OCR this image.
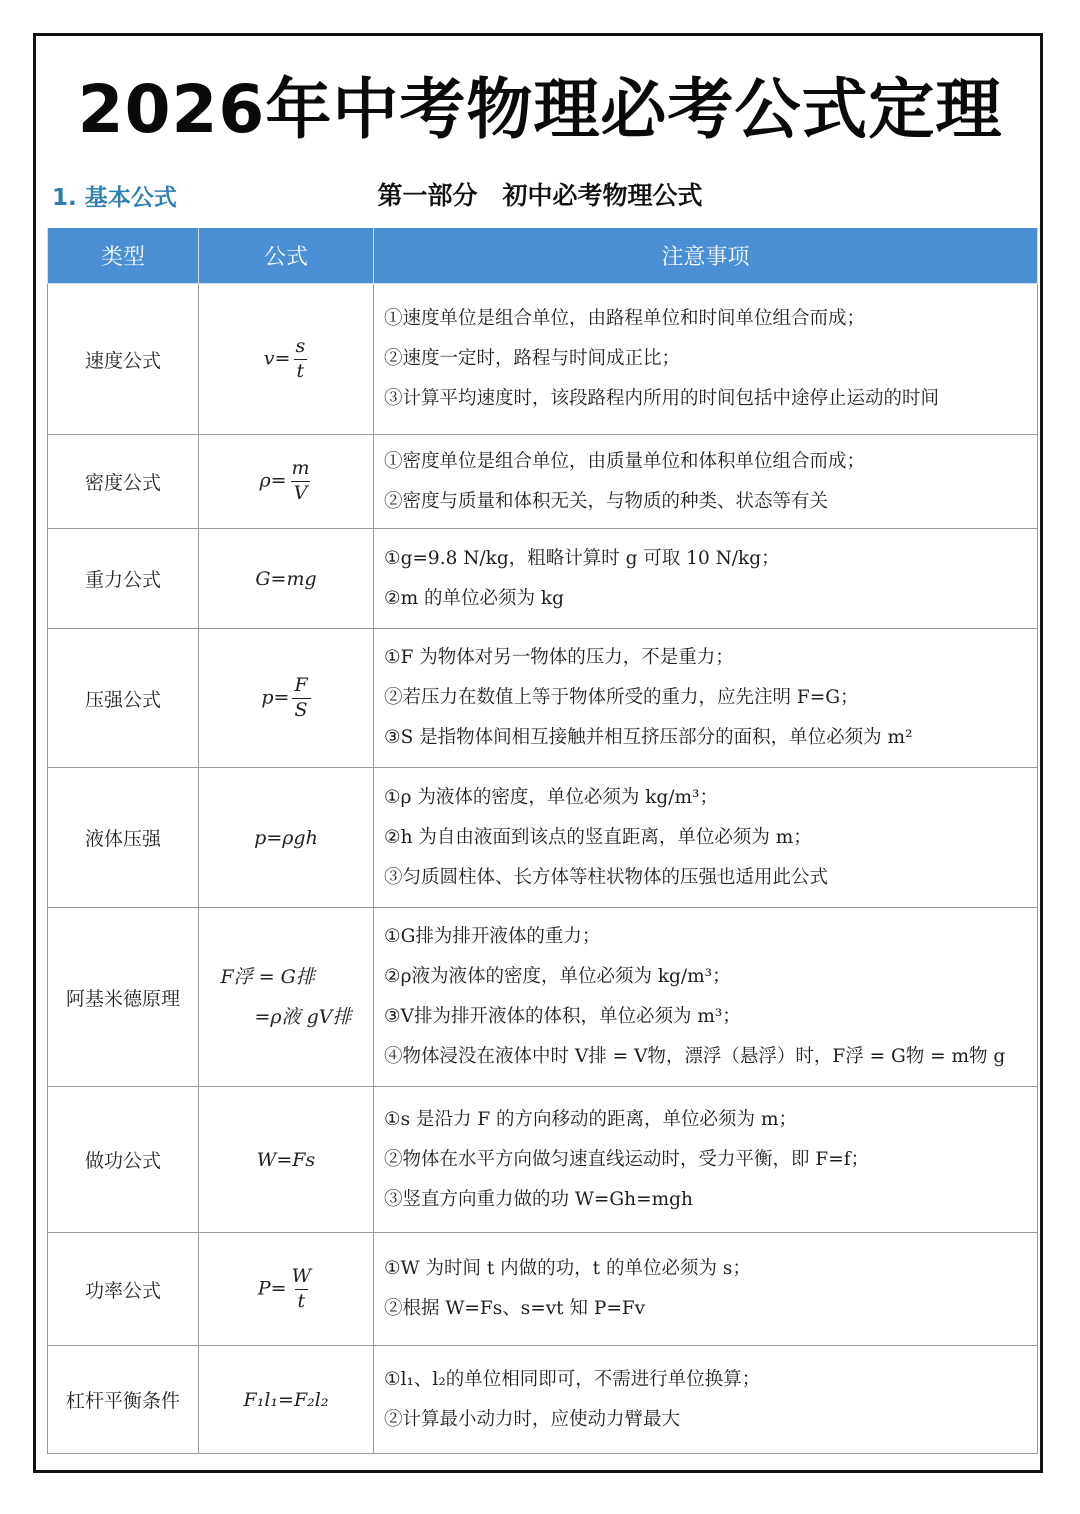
2026年中考物理必考公式定理
1. 基本公式	第一部分　初中必考物理公式
类型	公式	注意事项
速度公式	$v= \frac{s}{t}$	①速度单位是组合单位，由路程单位和时间单位组合而成；
②速度一定时，路程与时间成正比；
③计算平均速度时，该段路程内所用的时间包括中途停止运动的时间

密度公式	$\rho= \frac{m}{V}$	①密度单位是组合单位，由质量单位和体积单位组合而成；
②密度与质量和体积无关，与物质的种类、状态等有关

重力公式	G=mg	①g=9.8 N/kg，粗略计算时 g 可取 10 N/kg；
②m 的单位必须为 kg

压强公式	$p= \frac{F}{S}$	①F 为物体对另一物体的压力，不是重力；
②若压力在数值上等于物体所受的重力，应先注明 F=G；
③S 是指物体间相互接触并相互挤压部分的面积，单位必须为 m²

液体压强	p=ρgh	①ρ 为液体的密度，单位必须为 kg/m³；
②h 为自由液面到该点的竖直距离，单位必须为 m；
③匀质圆柱体、长方体等柱状物体的压强也适用此公式

阿基米德原理	F浮 = G排
=ρ液 gV排	①G排为排开液体的重力；
②ρ液为液体的密度，单位必须为 kg/m³；
③V排为排开液体的体积，单位必须为 m³；
④物体浸没在液体中时 V排 = V物，漂浮（悬浮）时，F浮 = G物 = m物 g

做功公式	W=Fs	①s 是沿力 F 的方向移动的距离，单位必须为 m；
②物体在水平方向做匀速直线运动时，受力平衡，即 F=f；
③竖直方向重力做的功 W=Gh=mgh

功率公式	$P= \frac{W}{t}$	①W 为时间 t 内做的功，t 的单位必须为 s；
②根据 W=Fs、s=vt 知 P=Fv

杠杆平衡条件	F₁l₁=F₂l₂	①l₁、l₂的单位相同即可，不需进行单位换算；
②计算最小动力时，应使动力臂最大
